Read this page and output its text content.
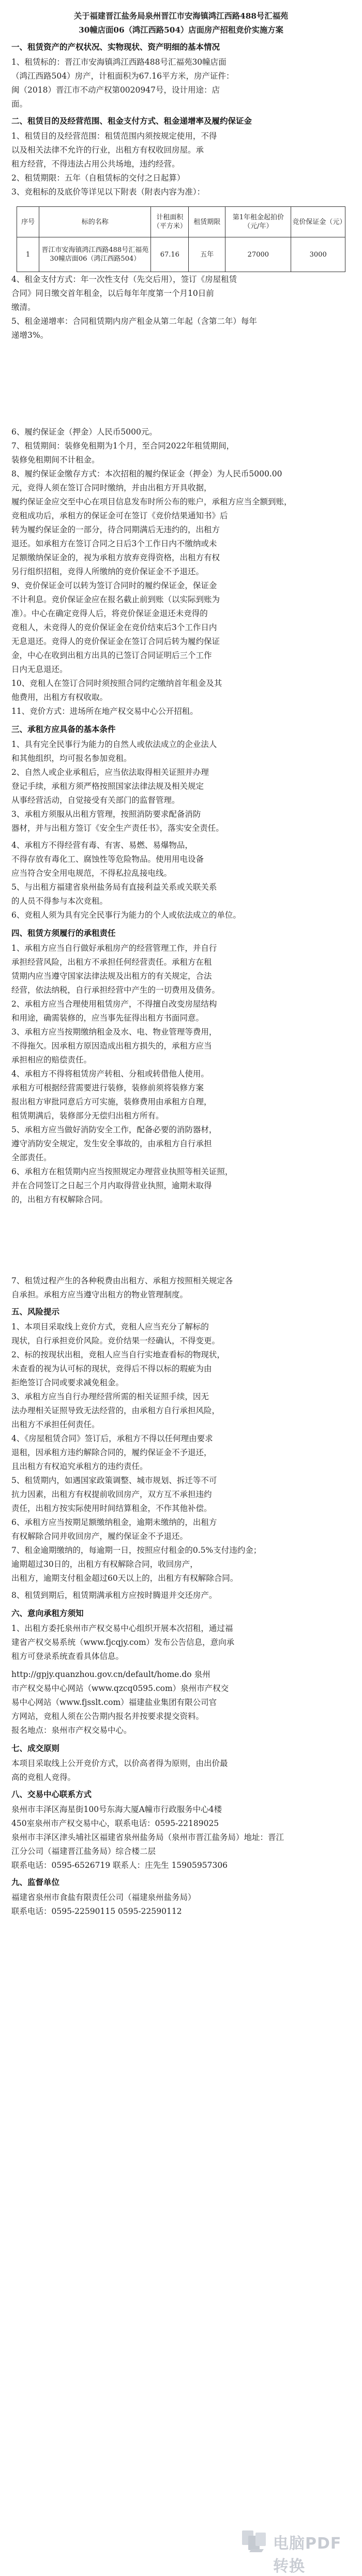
关于福建晋江盐务局泉州晋江市安海镇鸿江西路488号汇福苑
30幢店面06（鸿江西路504）店面房产招租竞价实施方案
一、租赁资产的产权状况、实物现状、资产明细的基本情况
1、租赁标的：晋江市安海镇鸿江西路488号汇福苑30幢店面
（鸿江西路504）房产，计租面积为67.16平方米，房产证件：
闽（2018）晋江市不动产权第0020947号，设计用途：店
面。
二、租赁目的及经营范围、租金支付方式、租金递增率及履约保证金
1、租赁目的及经营范围：租赁范围内须按规定使用，不得
以及相关法律不允许的行业，出租方有权收回房屋。承
租方经营，不得违法占用公共场地，违约经营。
2、租赁期限：五年（自租赁标的交付之日起算）
3、竞租标的及底价等详见以下附表（附表内容为准）：
序号	标的名称	计租面积（平方米）	租赁期限	第1年租金起拍价（元/年）	竞价保证金（元）
1	晋江市安海镇鸿江西路488号汇福苑30幢店面06（鸿江西路504）	67.16	五年	27000	3000
4、租金支付方式：年一次性支付（先交后用），签订《房屋租赁
合同》同日缴交首年租金，以后每年年度第一个月10日前
缴清。
5、租金递增率：合同租赁期内房产租金从第二年起（含第二年）每年
递增3%。
6、履约保证金（押金）人民币5000元。
7、租赁期间：装修免租期为1个月，至合同2022年租赁期间，
装修免租期间不计租金。
8、履约保证金缴存方式：本次招租的履约保证金（押金）为人民币5000.00
元，竞得人须在签订合同时缴纳，并由出租方开具收据，
履约保证金应交至中心在项目信息发布时所公布的账户，承租方应当全额到账，
竞租成功后，承租方的保证金可在签订《竞价结果通知书》后
转为履约保证金的一部分，待合同期满后无违约的，出租方
退还。如承租方在签订合同之日后3个工作日内不缴纳或未
足额缴纳保证金的，视为承租方放弃竞得资格，出租方有权
另行组织招租，竞得人所缴纳的竞价保证金不予退还。
9、竞价保证金可以转为签订合同时的履约保证金，保证金
不计利息。竞价保证金应在报名截止前到账（以实际到账为
准）。中心在确定竞得人后，将竞价保证金退还未竞得的
竞租人，未竞得人的竞价保证金在竞价结束后3个工作日内
无息退还。竞得人的竞价保证金在签订合同后转为履约保证
金，中心在收到出租方出具的已签订合同证明后三个工作
日内无息退还。
10、竞租人在签订合同时须按照合同约定缴纳首年租金及其
他费用，出租方有权收取。
11、竞价方式：进场所在地产权交易中心公开招租。
三、承租方应具备的基本条件
1、具有完全民事行为能力的自然人或依法成立的企业法人
和其他组织，均可报名参加竞租。
2、自然人或企业承租后，应当依法取得相关证照并办理
登记手续，承租方须严格按照国家法律法规及相关规定
从事经营活动，自觉接受有关部门的监督管理。
3、承租方须服从出租方管理，按照消防要求配备消防
器材，并与出租方签订《安全生产责任书》，落实安全责任。
4、承租方不得经营有毒、有害、易燃、易爆物品，
不得存放有毒化工、腐蚀性等危险物品。使用用电设备
应当符合安全用电规范，不得私拉乱接电线。
5、与出租方福建省泉州盐务局有直接利益关系或关联关系
的人员不得参与本次竞租。
6、竞租人须为具有完全民事行为能力的个人或依法成立的单位。
四、租赁方须履行的承租责任
1、承租方应当自行做好承租房产的经营管理工作，并自行
承担经营风险，出租方不承担任何经营责任。承租方在租
赁期内应当遵守国家法律法规及出租方的有关规定，合法
经营，依法纳税，自行承担经营中产生的一切费用及债务。
2、承租方应当合理使用租赁房产，不得擅自改变房屋结构
和用途，确需装修的，应当事先征得出租方书面同意。
3、承租方应当按期缴纳租金及水、电、物业管理等费用，
不得拖欠。因承租方原因造成出租方损失的，承租方应当
承担相应的赔偿责任。
4、承租方不得将租赁房产转租、分租或转借他人使用。
承租方可根据经营需要进行装修，装修前须将装修方案
报出租方审批同意后方可实施，装修费用由承租方自理，
租赁期满后，装修部分无偿归出租方所有。
5、承租方应当做好消防安全工作，配备必要的消防器材，
遵守消防安全规定，发生安全事故的，由承租方自行承担
全部责任。
6、承租方在租赁期内应当按照规定办理营业执照等相关证照，
并在合同签订之日起三个月内取得营业执照，逾期未取得
的，出租方有权解除合同。
7、租赁过程产生的各种税费由出租方、承租方按照相关规定各
自承担。承租方应当遵守出租方的物业管理制度。
五、风险提示
1、本项目采取线上竞价方式，竞租人应当充分了解标的
现状，自行承担竞价风险。竞价结果一经确认，不得变更。
2、标的按现状出租，竞租人应当自行实地查看标的物现状，
未查看的视为认可标的现状，竞得后不得以标的瑕疵为由
拒绝签订合同或要求减免租金。
3、承租方应当自行办理经营所需的相关证照手续，因无
法办理相关证照导致无法经营的，由承租方自行承担风险，
出租方不承担任何责任。
4、《房屋租赁合同》签订后，承租方不得以任何理由要求
退租，因承租方违约解除合同的，履约保证金不予退还，
且出租方有权追究承租方的违约责任。
5、租赁期内，如遇国家政策调整、城市规划、拆迁等不可
抗力因素，出租方有权提前收回房产，双方互不承担违约
责任，出租方按实际使用时间结算租金，不作其他补偿。
6、承租方应当按期足额缴纳租金，逾期未缴纳的，出租方
有权解除合同并收回房产，履约保证金不予退还。
7、租金逾期缴纳的，每逾期一日，按照应付租金的0.5%支付违约金；
逾期超过30日的，出租方有权解除合同，收回房产，
出租方，逾期支付租金超过60天以上的，出租方有权解除合同。
8、租赁到期后，租赁期满承租方应按时腾退并交还房产。
六、意向承租方须知
1、出租方委托泉州市产权交易中心组织开展本次招租，通过福
建省产权交易系统（www.fjcqjy.com）发布公告信息，意向承
租方可登录系统查看具体信息。
http://gpjy.quanzhou.gov.cn/default/home.do 泉州
市产权交易中心网站（www.qzcq0595.com）泉州市产权交
易中心网站（www.fjsslt.com）福建盐业集团有限公司官
方网站，竞租人须在公告期内报名并按要求提交资料。
报名地点：泉州市产权交易中心。
七、成交原则
本项目采取线上公开竞价方式，以价高者得为原则，由出价最
高的竞租人竞得。
八、交易中心联系方式
泉州市丰泽区海星街100号东海大厦A幢市行政服务中心4楼
450室泉州市产权交易中心，联系电话：0595-22189025
泉州市丰泽区津头埔社区福建省泉州盐务局（泉州市晋江盐务局）地址：晋江
江分公司（福建晋江盐务局）综合楼二层
联系电话：0595-6526719 联系人：庄先生 15905957306
九、监督单位
福建省泉州市食盐有限责任公司（福建泉州盐务局）
联系电话：0595-22590115 0595-22590112
电脑PDF转换
